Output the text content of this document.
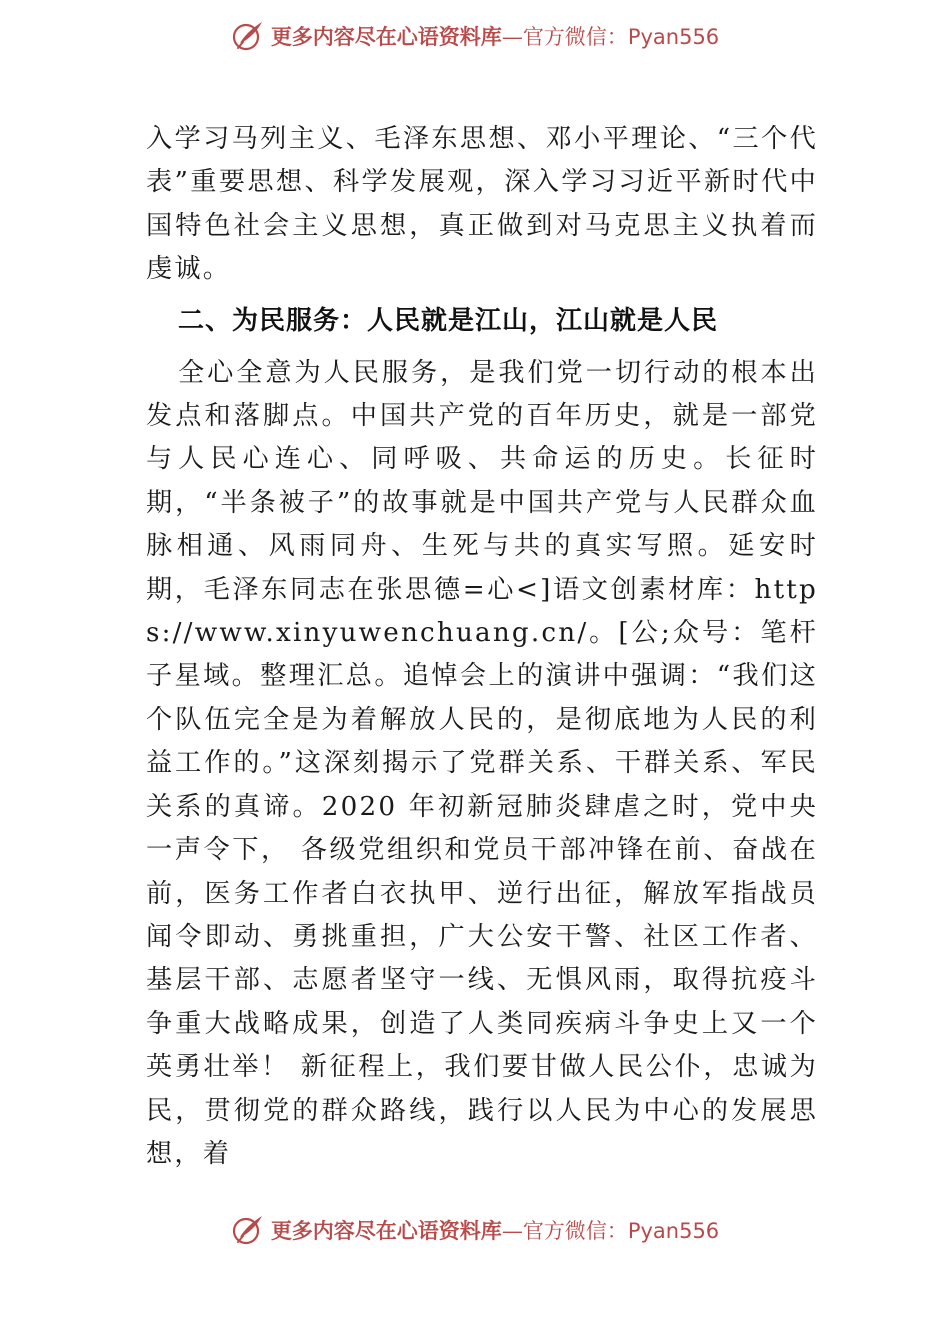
更多内容尽在心语资料库—官方微信：Pyan556

入学习马列主义、毛泽东思想、邓小平理论、“三个代表”重要思想、科学发展观，深入学习习近平新时代中国特色社会主义思想，真正做到对马克思主义执着而虔诚。

二、为民服务：人民就是江山，江山就是人民

全心全意为人民服务，是我们党一切行动的根本出发点和落脚点。中国共产党的百年历史，就是一部党与人民心连心、同呼吸、共命运的历史。长征时期，“半条被子”的故事就是中国共产党与人民群众血脉相通、风雨同舟、生死与共的真实写照。延安时期，毛泽东同志在张思德=心<]语文创素材库：https://www.xinyuwenchuang.cn/。[公;众号：笔杆子星域。整理汇总。追悼会上的演讲中强调：“我们这个队伍完全是为着解放人民的，是彻底地为人民的利益工作的。”这深刻揭示了党群关系、干群关系、军民关系的真谛。2020 年初新冠肺炎肆虐之时，党中央一声令下， 各级党组织和党员干部冲锋在前、奋战在前，医务工作者白衣执甲、逆行出征，解放军指战员闻令即动、勇挑重担，广大公安干警、社区工作者、基层干部、志愿者坚守一线、无惧风雨，取得抗疫斗争重大战略成果，创造了人类同疾病斗争史上又一个英勇壮举！ 新征程上，我们要甘做人民公仆，忠诚为民，贯彻党的群众路线，践行以人民为中心的发展思想，着

更多内容尽在心语资料库—官方微信：Pyan556
